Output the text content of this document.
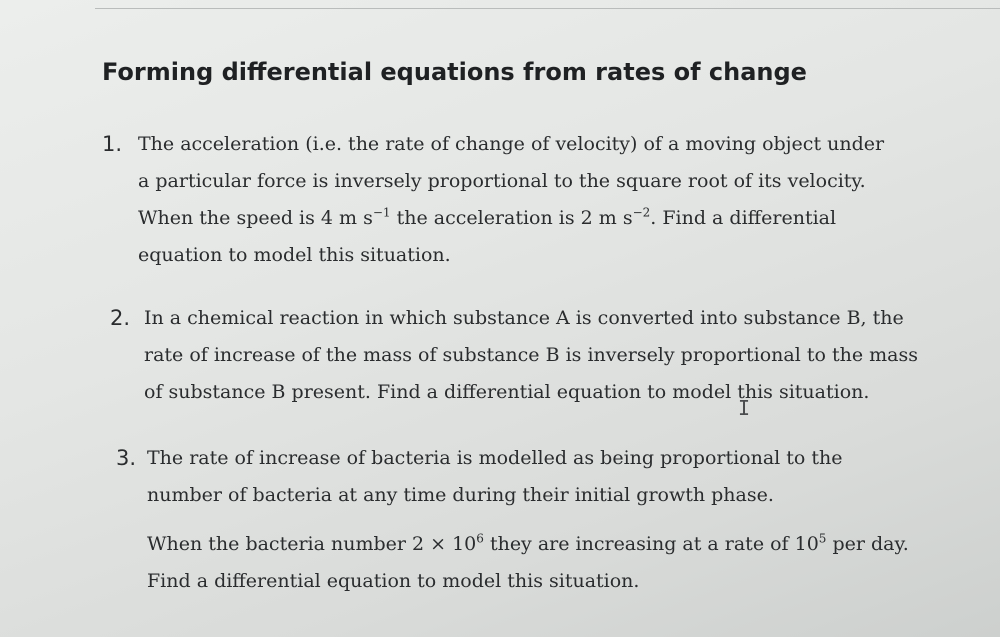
Forming differential equations from rates of change
1. The acceleration (i.e. the rate of change of velocity) of a moving object under
a particular force is inversely proportional to the square root of its velocity.
When the speed is 4 m $s^{-1}$ the acceleration is 2 m $s^{-2}$. Find a differential
equation to model this situation.
2. In a chemical reaction in which substance A is converted into substance B, the
rate of increase of the mass of substance B is inversely proportional to the mass
of substance B present. Find a differential equation to model this situation.
3. The rate of increase of bacteria is modelled as being proportional to the
number of bacteria at any time during their initial growth phase.
When the bacteria number $2 \times 10^6$ they are increasing at a rate of $10^5$ per day.
Find a differential equation to model this situation.
I
